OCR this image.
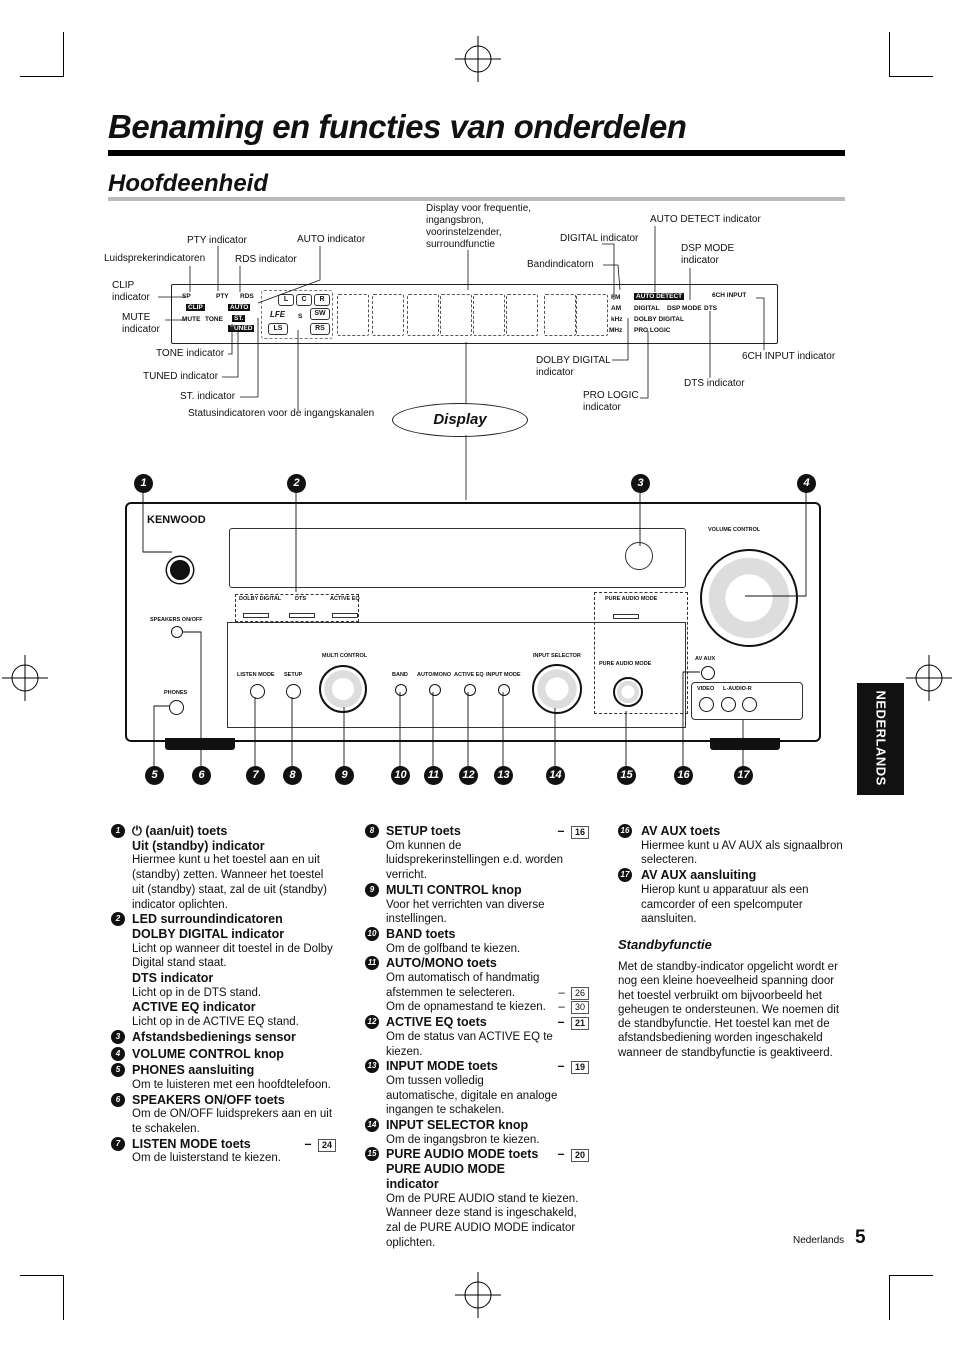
Benaming en functies van onderdelen
Hoofdeenheid
NEDERLANDS
PTY indicator	AUTO indicator
Display voor frequentie, ingangsbron, voorinstelzender, surroundfunctie
DIGITAL indicator
AUTO DETECT indicator
Luidsprekerindicatoren	RDS indicator	Bandindicatorn
DSP MODE indicator
CLIP indicator
MUTE indicator
TONE indicator
TUNED indicator
ST. indicator
Statusindicatoren voor de ingangskanalen
DOLBY DIGITAL indicator
PRO LOGIC indicator
DTS indicator
6CH INPUT indicator
SP	PTY RDS
CLIP	AUTO
MUTE TONE	ST.
TUNED
L	C	R
LFE S	SW
LS	RS
FM
AM
kHz
MHz
AUTO DETECT	6CH INPUT
DIGITAL DSP MODE DTS
DOLBY DIGITAL
PRO LOGIC
Display
KENWOOD
VOLUME CONTROL
DOLBY DIGITAL DTS	ACTIVE EQ	PURE AUDIO MODE
SPEAKERS ON/OFF
PHONES
LISTEN MODE SETUP
MULTI CONTROL
BAND AUTO/MONO ACTIVE EQ INPUT MODE
INPUT SELECTOR
PURE AUDIO MODE
AV AUX
VIDEO L-AUDIO-R
1	2	3	4
5	6	7	8	9	10	11	12	13	14	15	16	17
1 ⏻ (aan/uit) toets
Uit (standby) indicator
Hiermee kunt u het toestel aan en uit (standby) zetten. Wanneer het toestel uit (standby) staat, zal de uit (standby) indicator oplichten.
2 LED surroundindicatoren
DOLBY DIGITAL indicator
Licht op wanneer dit toestel in de Dolby Digital stand staat.
DTS indicator
Licht op in de DTS stand.
ACTIVE EQ indicator
Licht op in de ACTIVE EQ stand.
3 Afstandsbedienings sensor
4 VOLUME CONTROL knop
5 PHONES aansluiting
Om te luisteren met een hoofdtelefoon.
6 SPEAKERS ON/OFF toets
Om de ON/OFF luidsprekers aan en uit te schakelen.
7 LISTEN MODE toets	– 24
Om de luisterstand te kiezen.
8 SETUP toets	– 16
Om kunnen de luidsprekerinstellingen e.d. worden verricht.
9 MULTI CONTROL knop
Voor het verrichten van diverse instellingen.
10 BAND toets
Om de golfband te kiezen.
11 AUTO/MONO toets
Om automatisch of handmatig afstemmen te selecteren.	– 26
Om de opnamestand te kiezen. – 30
12 ACTIVE EQ toets	– 21
Om de status van ACTIVE EQ te kiezen.
13 INPUT MODE toets	– 19
Om tussen volledig automatische, digitale en analoge ingangen te schakelen.
14 INPUT SELECTOR knop
Om de ingangsbron te kiezen.
15 PURE AUDIO MODE toets – 20
PURE AUDIO MODE indicator
Om de PURE AUDIO stand te kiezen. Wanneer deze stand is ingeschakeld, zal de PURE AUDIO MODE indicator oplichten.
16 AV AUX toets
Hiermee kunt u AV AUX als signaalbron selecteren.
17 AV AUX aansluiting
Hierop kunt u apparatuur als een camcorder of een spelcomputer aansluiten.
Standbyfunctie
Met de standby-indicator opgelicht wordt er nog een kleine hoeveelheid spanning door het toestel verbruikt om bijvoorbeeld het geheugen te ondersteunen. We noemen dit de standbyfunctie. Het toestel kan met de afstandsbediening worden ingeschakeld wanneer de standbyfunctie is geaktiveerd.
Nederlands 5
